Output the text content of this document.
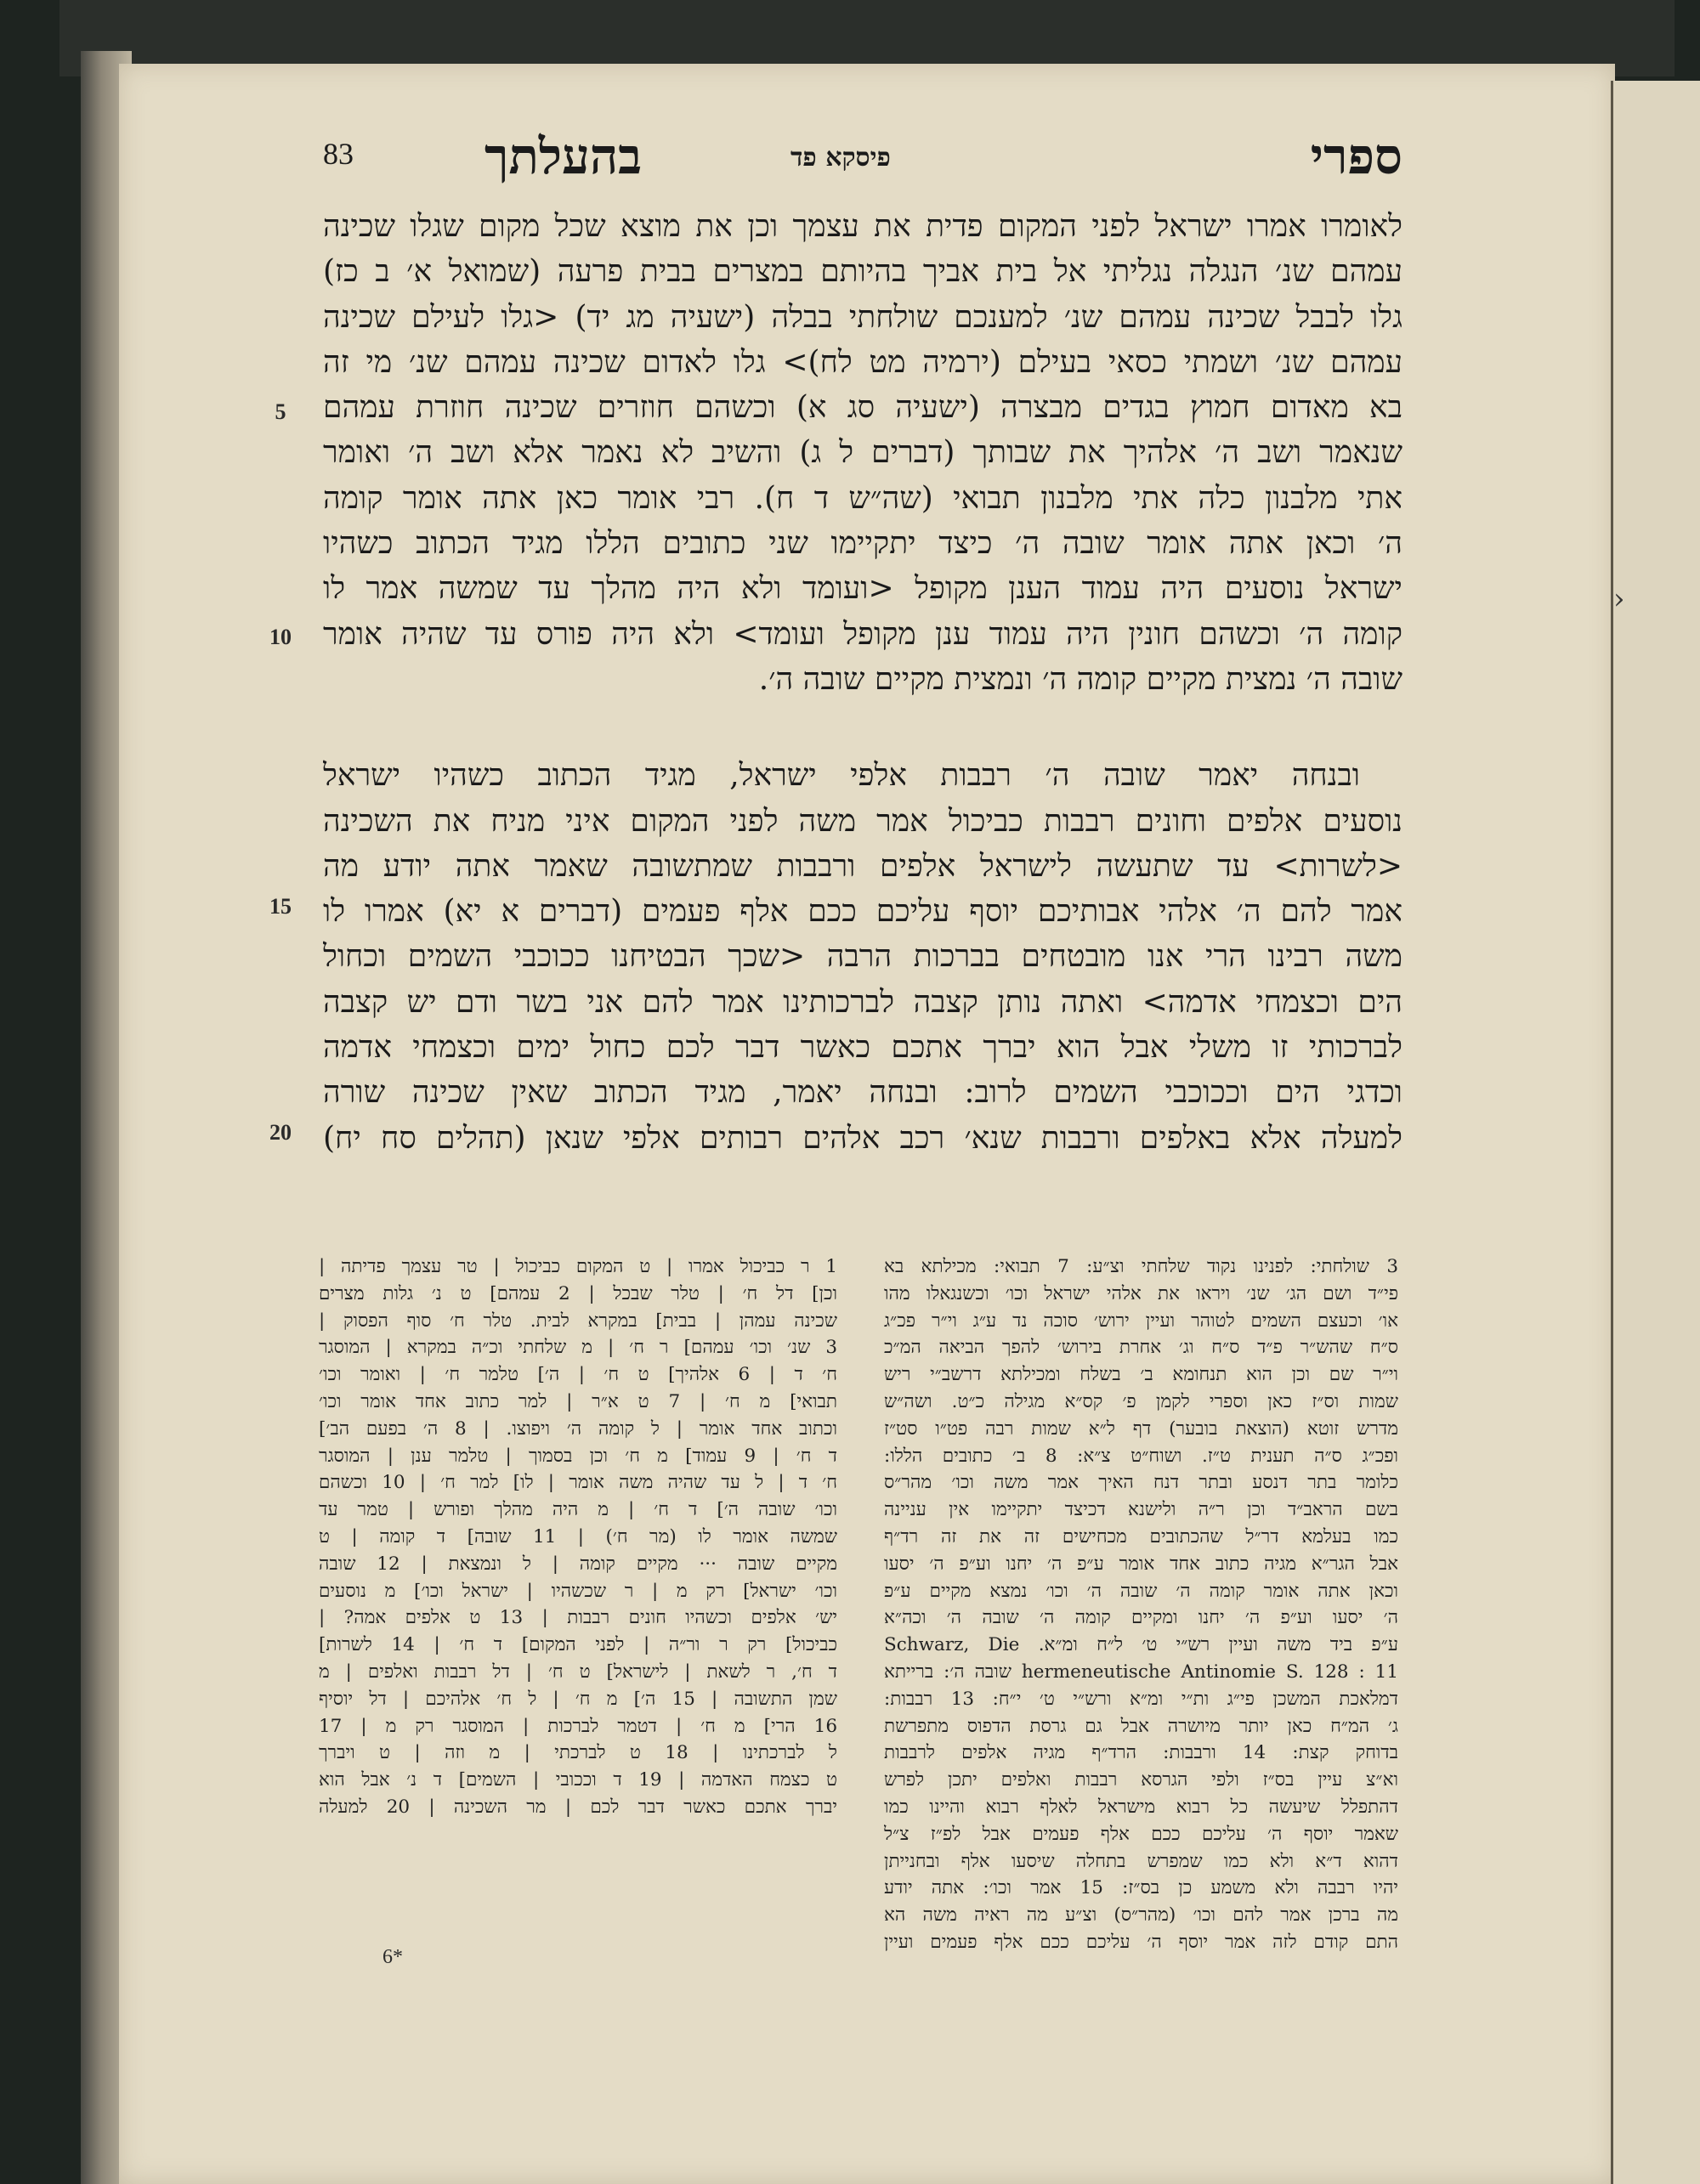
›
83	בהעלתך	פיסקא פד	ספרי
5
10
15
20
לאומרו אמרו ישראל לפני המקום פדית את עצמך וכן את מוצא שכל מקום שגלו שכינה
עמהם שנ׳ הנגלה נגליתי אל בית אביך בהיותם במצרים בבית פרעה (שמואל א׳ ב כז)
גלו לבבל שכינה עמהם שנ׳ למענכם שולחתי בבלה (ישעיה מג יד) <גלו לעילם שכינה
עמהם שנ׳ ושמתי כסאי בעילם (ירמיה מט לח)> גלו לאדום שכינה עמהם שנ׳ מי זה
בא מאדום חמוץ בגדים מבצרה (ישעיה סג א) וכשהם חוזרים שכינה חוזרת עמהם
שנאמר ושב ה׳ אלהיך את שבותך (דברים ל ג) והשיב לא נאמר אלא ושב ה׳ ואומר
אתי מלבנון כלה אתי מלבנון תבואי (שה״ש ד ח). רבי אומר כאן אתה אומר קומה
ה׳ וכאן אתה אומר שובה ה׳ כיצד יתקיימו שני כתובים הללו מגיד הכתוב כשהיו
ישראל נוסעים היה עמוד הענן מקופל <ועומד ולא היה מהלך עד שמשה אמר לו
קומה ה׳ וכשהם חונין היה עמוד ענן מקופל ועומד> ולא היה פורס עד שהיה אומר
שובה ה׳ נמצית מקיים קומה ה׳ ונמצית מקיים שובה ה׳.
ובנחה יאמר שובה ה׳ רבבות אלפי ישראל, מגיד הכתוב כשהיו ישראל
נוסעים אלפים וחונים רבבות כביכול אמר משה לפני המקום איני מניח את השכינה
<לשרות> עד שתעשה לישראל אלפים ורבבות שמתשובה שאמר אתה יודע מה
אמר להם ה׳ אלהי אבותיכם יוסף עליכם ככם אלף פעמים (דברים א יא) אמרו לו
משה רבינו הרי אנו מובטחים בברכות הרבה <שכך הבטיחנו ככוכבי השמים וכחול
הים וכצמחי אדמה> ואתה נותן קצבה לברכותינו אמר להם אני בשר ודם יש קצבה
לברכותי זו משלי אבל הוא יברך אתכם כאשר דבר לכם כחול ימים וכצמחי אדמה
וכדגי הים וככוכבי השמים לרוב: ובנחה יאמר, מגיד הכתוב שאין שכינה שורה
למעלה אלא באלפים ורבבות שנא׳ רכב אלהים רבותים אלפי שנאן (תהלים סח יח)
1 ר כביכול אמרו | ט המקום כביכול | טר עצמך פדיתה |
וכן] דל ח׳ | טלר שבכל | 2 עמהם] ט נ׳ גלות מצרים
שכינה עמהן | בבית] במקרא לבית. טלר ח׳ סוף הפסוק |
3 שנ׳ וכו׳ עמהם] ר ח׳ | מ שלחתי וכ״ה במקרא | המוסגר
ח׳ ד | 6 אלהיך] ט ח׳ | ה׳] טלמר ח׳ | ואומר וכו׳
תבואי] מ ח׳ | 7 ט א״ר | למר כתוב אחד אומר וכו׳
וכתוב אחד אומר | ל קומה ה׳ ויפוצו. | 8 ה׳ בפעם הב׳]
ד ח׳ | 9 עמוד] מ ח׳ וכן בסמוך | טלמר ענן | המוסגר
ח׳ ד | ל עד שהיה משה אומר | לו] למר ח׳ | 10 וכשהם
וכו׳ שובה ה׳] ד ח׳ | מ היה מהלך ופורש | טמר עד
שמשה אומר לו (מר ח׳) | 11 שובה] ד קומה | ט
מקיים שובה ··· מקיים קומה | ל ונמצאת | 12 שובה
וכו׳ ישראל] רק מ | ר שכשהיו | ישראל וכו׳] מ נוסעים
יש׳ אלפים וכשהיו חונים רבבות | 13 ט אלפים אמה? |
כביכול] רק ר ור״ה | לפני המקום] ד ח׳ | 14 לשרות]
ד ח׳, ר לשאת | לישראל] ט ח׳ | דל רבבות ואלפים | מ
שמן התשובה | 15 ה׳] מ ח׳ | ל ח׳ אלהיכם | דל יוסיף
16 הרי] מ ח׳ | דטמר לברכות | המוסגר רק מ | 17
ל לברכתינו | 18 ט לברכתי | מ וזה | ט ויברך
ט כצמח האדמה | 19 ד וככובי | השמים] ד נ׳ אבל הוא
יברך אתכם כאשר דבר לכם | מר השכינה | 20 למעלה
3 שולחתי: לפנינו נקוד שלחתי וצ״ע: 7 תבואי: מכילתא בא
פי״ד ושם הג׳ שנ׳ ויראו את אלהי ישראל וכו׳ וכשנגאלו מהו
או׳ וכעצם השמים לטוהר ועיין ירוש׳ סוכה נד ע״ג וי״ר פכ״ג
ס״ח שהש״ר פ״ד ס״ח וג׳ אחרת בירוש׳ להפך הביאה המ״כ
וי״ר שם וכן הוא תנחומא ב׳ בשלח ומכילתא דרשב״י ריש
שמות וס״ז כאן וספרי לקמן פ׳ קס״א מגילה כ״ט. ושה״ש
מדרש זוטא (הוצאת בובער) דף ל״א שמות רבה פט״ו סט״ז
ופכ״ג ס״ה תענית ט״ז. ושוח״ט צ״א: 8 ב׳ כתובים הללו:
כלומר בתר דנסע ובתר דנח האיך אמר משה וכו׳ מהר״ס
בשם הראב״ד וכן ר״ה ולישנא דכיצד יתקיימו אין עניינה
כמו בעלמא דר״ל שהכתובים מכחישים זה את זה רד״ף
אבל הגר״א מגיה כתוב אחד אומר ע״פ ה׳ יחנו וע״פ ה׳ יסעו
וכאן אתה אומר קומה ה׳ שובה ה׳ וכו׳ נמצא מקיים ע״פ
ה׳ יסעו וע״פ ה׳ יחנו ומקיים קומה ה׳ שובה ה׳ וכה״א
ע״פ ביד משה ועיין רש״י ט׳ ל״ח ומ״א. Schwarz, Die
hermeneutische Antinomie S. 128 : 11 שובה ה׳: ברייתא
דמלאכת המשכן פי״ג ות״י ומ״א ורש״י ט׳ י״ח: 13 רבבות:
ג׳ המ״ח כאן יותר מיושרה אבל גם גרסת הדפוס מתפרשת
בדוחק קצת: 14 ורבבות: הרד״ף מגיה אלפים לרבבות
וא״צ עיין בס״ז ולפי הגרסא רבבות ואלפים יתכן לפרש
דהתפלל שיעשה כל רבוא מישראל לאלף רבוא והיינו כמו
שאמר יוסף ה׳ עליכם ככם אלף פעמים אבל לפ״ז צ״ל
דהוא ד״א ולא כמו שמפרש בתחלה שיסעו אלף ובחנייתן
יהיו רבבה ולא משמע כן בס״ז: 15 אמר וכו׳: אתה יודע
מה ברכן אמר להם וכו׳ (מהר״ס) וצ״ע מה ראיה משה הא
התם קודם לזה אמר יוסף ה׳ עליכם ככם אלף פעמים ועיין
6*
